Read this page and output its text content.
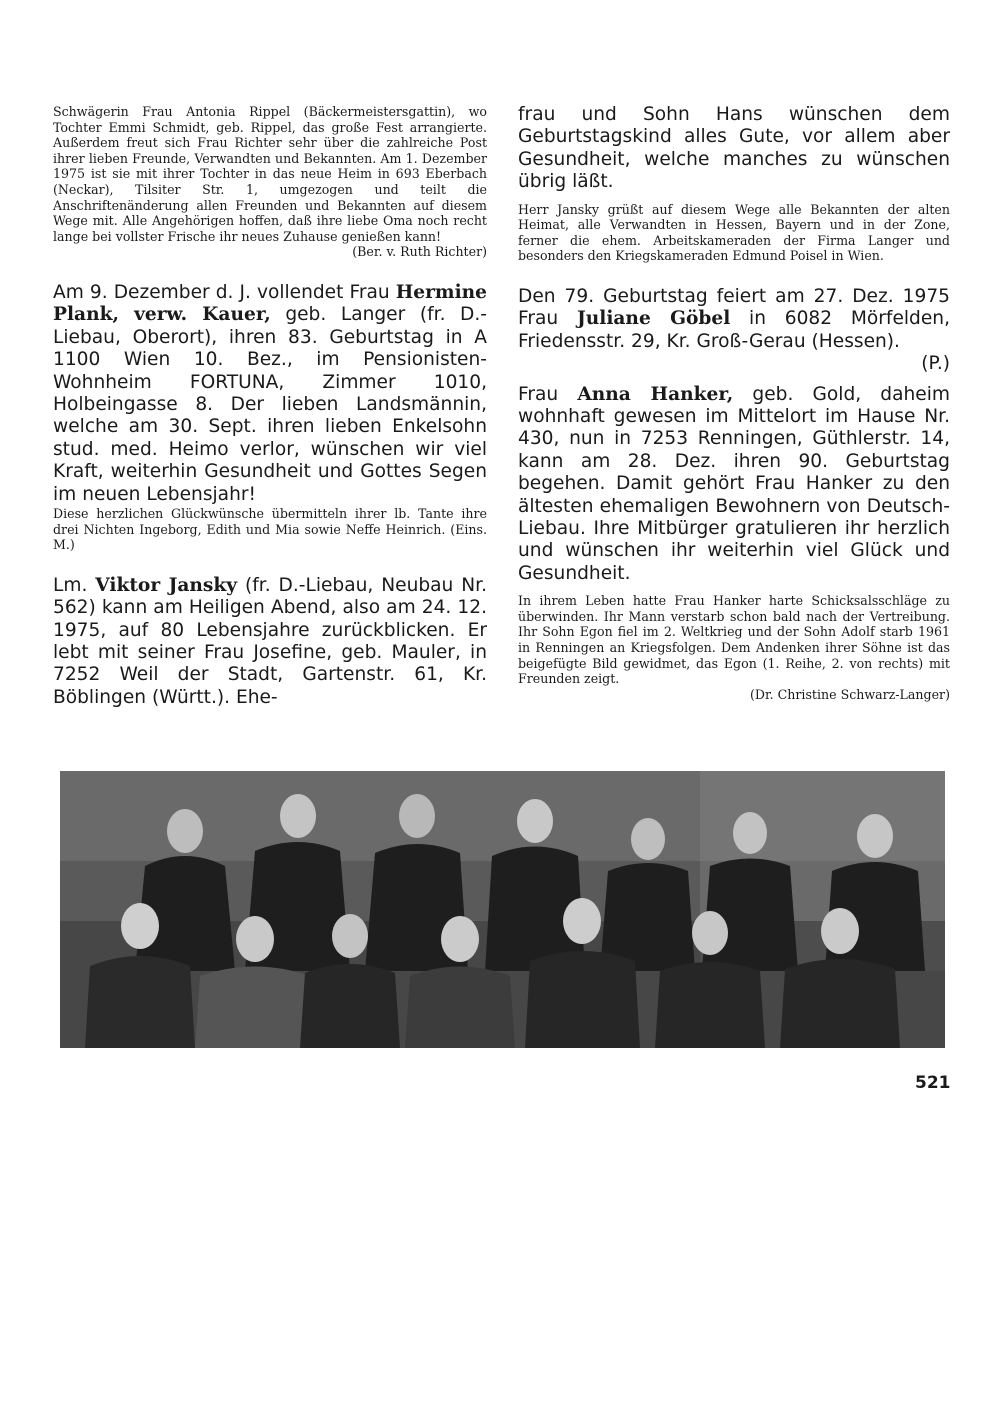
Schwägerin Frau Antonia Rippel (Bäckermeistersgattin), wo Tochter Emmi Schmidt, geb. Rippel, das große Fest arrangierte. Außerdem freut sich Frau Richter sehr über die zahlreiche Post ihrer lieben Freunde, Verwandten und Bekannten. Am 1. Dezember 1975 ist sie mit ihrer Tochter in das neue Heim in 693 Eberbach (Neckar), Tilsiter Str. 1, umgezogen und teilt die Anschriftenänderung allen Freunden und Bekannten auf diesem Wege mit. Alle Angehörigen hoffen, daß ihre liebe Oma noch recht lange bei vollster Frische ihr neues Zuhause genießen kann!

(Ber. v. Ruth Richter)

Am 9. Dezember d. J. vollendet Frau Hermine Plank, verw. Kauer, geb. Langer (fr. D.-Liebau, Oberort), ihren 83. Geburtstag in A 1100 Wien 10. Bez., im Pensionisten-Wohnheim FORTUNA, Zimmer 1010, Holbeingasse 8. Der lieben Landsmännin, welche am 30. Sept. ihren lieben Enkelsohn stud. med. Heimo verlor, wünschen wir viel Kraft, weiterhin Gesundheit und Gottes Segen im neuen Lebensjahr!

Diese herzlichen Glückwünsche übermitteln ihrer lb. Tante ihre drei Nichten Ingeborg, Edith und Mia sowie Neffe Heinrich. (Eins. M.)

Lm. Viktor Jansky (fr. D.-Liebau, Neubau Nr. 562) kann am Heiligen Abend, also am 24. 12. 1975, auf 80 Lebensjahre zurückblicken. Er lebt mit seiner Frau Josefine, geb. Mauler, in 7252 Weil der Stadt, Gartenstr. 61, Kr. Böblingen (Württ.). Ehe-

frau und Sohn Hans wünschen dem Geburtstagskind alles Gute, vor allem aber Gesundheit, welche manches zu wünschen übrig läßt.

Herr Jansky grüßt auf diesem Wege alle Bekannten der alten Heimat, alle Verwandten in Hessen, Bayern und in der Zone, ferner die ehem. Arbeitskameraden der Firma Langer und besonders den Kriegskameraden Edmund Poisel in Wien.

Den 79. Geburtstag feiert am 27. Dez. 1975 Frau Juliane Göbel in 6082 Mörfelden, Friedensstr. 29, Kr. Groß-Gerau (Hessen).

(P.)

Frau Anna Hanker, geb. Gold, daheim wohnhaft gewesen im Mittelort im Hause Nr. 430, nun in 7253 Renningen, Güthlerstr. 14, kann am 28. Dez. ihren 90. Geburtstag begehen. Damit gehört Frau Hanker zu den ältesten ehemaligen Bewohnern von Deutsch-Liebau. Ihre Mitbürger gratulieren ihr herzlich und wünschen ihr weiterhin viel Glück und Gesundheit.

In ihrem Leben hatte Frau Hanker harte Schicksalsschläge zu überwinden. Ihr Mann verstarb schon bald nach der Vertreibung. Ihr Sohn Egon fiel im 2. Weltkrieg und der Sohn Adolf starb 1961 in Renningen an Kriegsfolgen. Dem Andenken ihrer Söhne ist das beigefügte Bild gewidmet, das Egon (1. Reihe, 2. von rechts) mit Freunden zeigt.

(Dr. Christine Schwarz-Langer)

521
